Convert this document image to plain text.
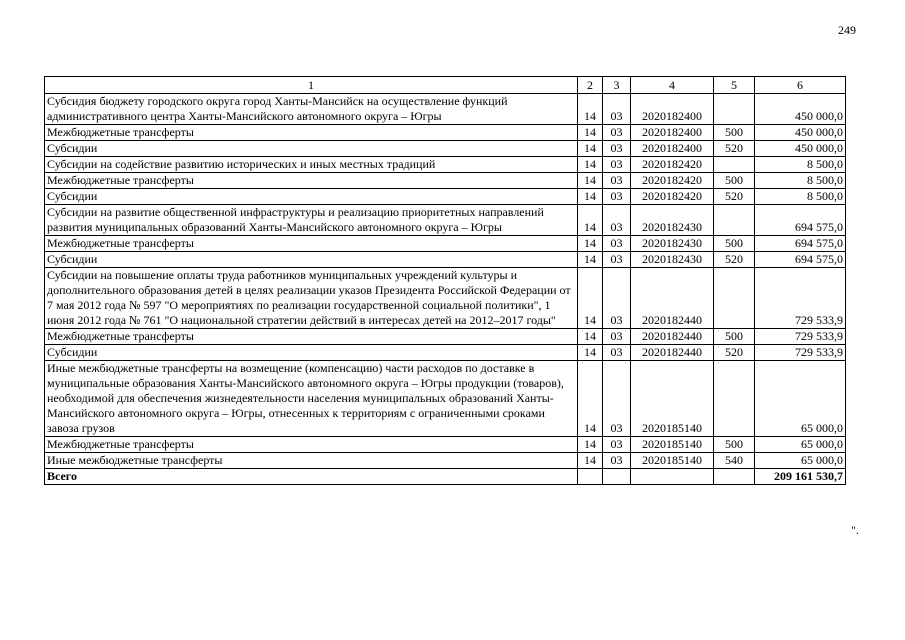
249
1	2	3	4	5	6
Субсидия бюджету городского округа город Ханты-Мансийск на осуществление функций административного центра Ханты-Мансийского автономного округа – Югры	14	03	2020182400		450 000,0
Межбюджетные трансферты	14	03	2020182400	500	450 000,0
Субсидии	14	03	2020182400	520	450 000,0
Субсидии на содействие развитию исторических и иных местных традиций	14	03	2020182420		8 500,0
Межбюджетные трансферты	14	03	2020182420	500	8 500,0
Субсидии	14	03	2020182420	520	8 500,0
Субсидии на развитие общественной инфраструктуры и реализацию приоритетных направлений развития муниципальных образований Ханты-Мансийского автономного округа – Югры	14	03	2020182430		694 575,0
Межбюджетные трансферты	14	03	2020182430	500	694 575,0
Субсидии	14	03	2020182430	520	694 575,0
Субсидии на повышение оплаты труда работников муниципальных учреждений культуры и дополнительного образования детей в целях реализации указов Президента Российской Федерации от 7 мая 2012 года № 597 "О мероприятиях по реализации государственной социальной политики", 1 июня 2012 года № 761 "О национальной стратегии действий в интересах детей на 2012–2017 годы"	14	03	2020182440		729 533,9
Межбюджетные трансферты	14	03	2020182440	500	729 533,9
Субсидии	14	03	2020182440	520	729 533,9
Иные межбюджетные трансферты на возмещение (компенсацию) части расходов по доставке в муниципальные образования Ханты-Мансийского автономного округа – Югры продукции (товаров), необходимой для обеспечения жизнедеятельности населения муниципальных образований Ханты-Мансийского автономного округа – Югры, отнесенных к территориям с ограниченными сроками завоза грузов	14	03	2020185140		65 000,0
Межбюджетные трансферты	14	03	2020185140	500	65 000,0
Иные межбюджетные трансферты	14	03	2020185140	540	65 000,0
Всего					209 161 530,7
".
